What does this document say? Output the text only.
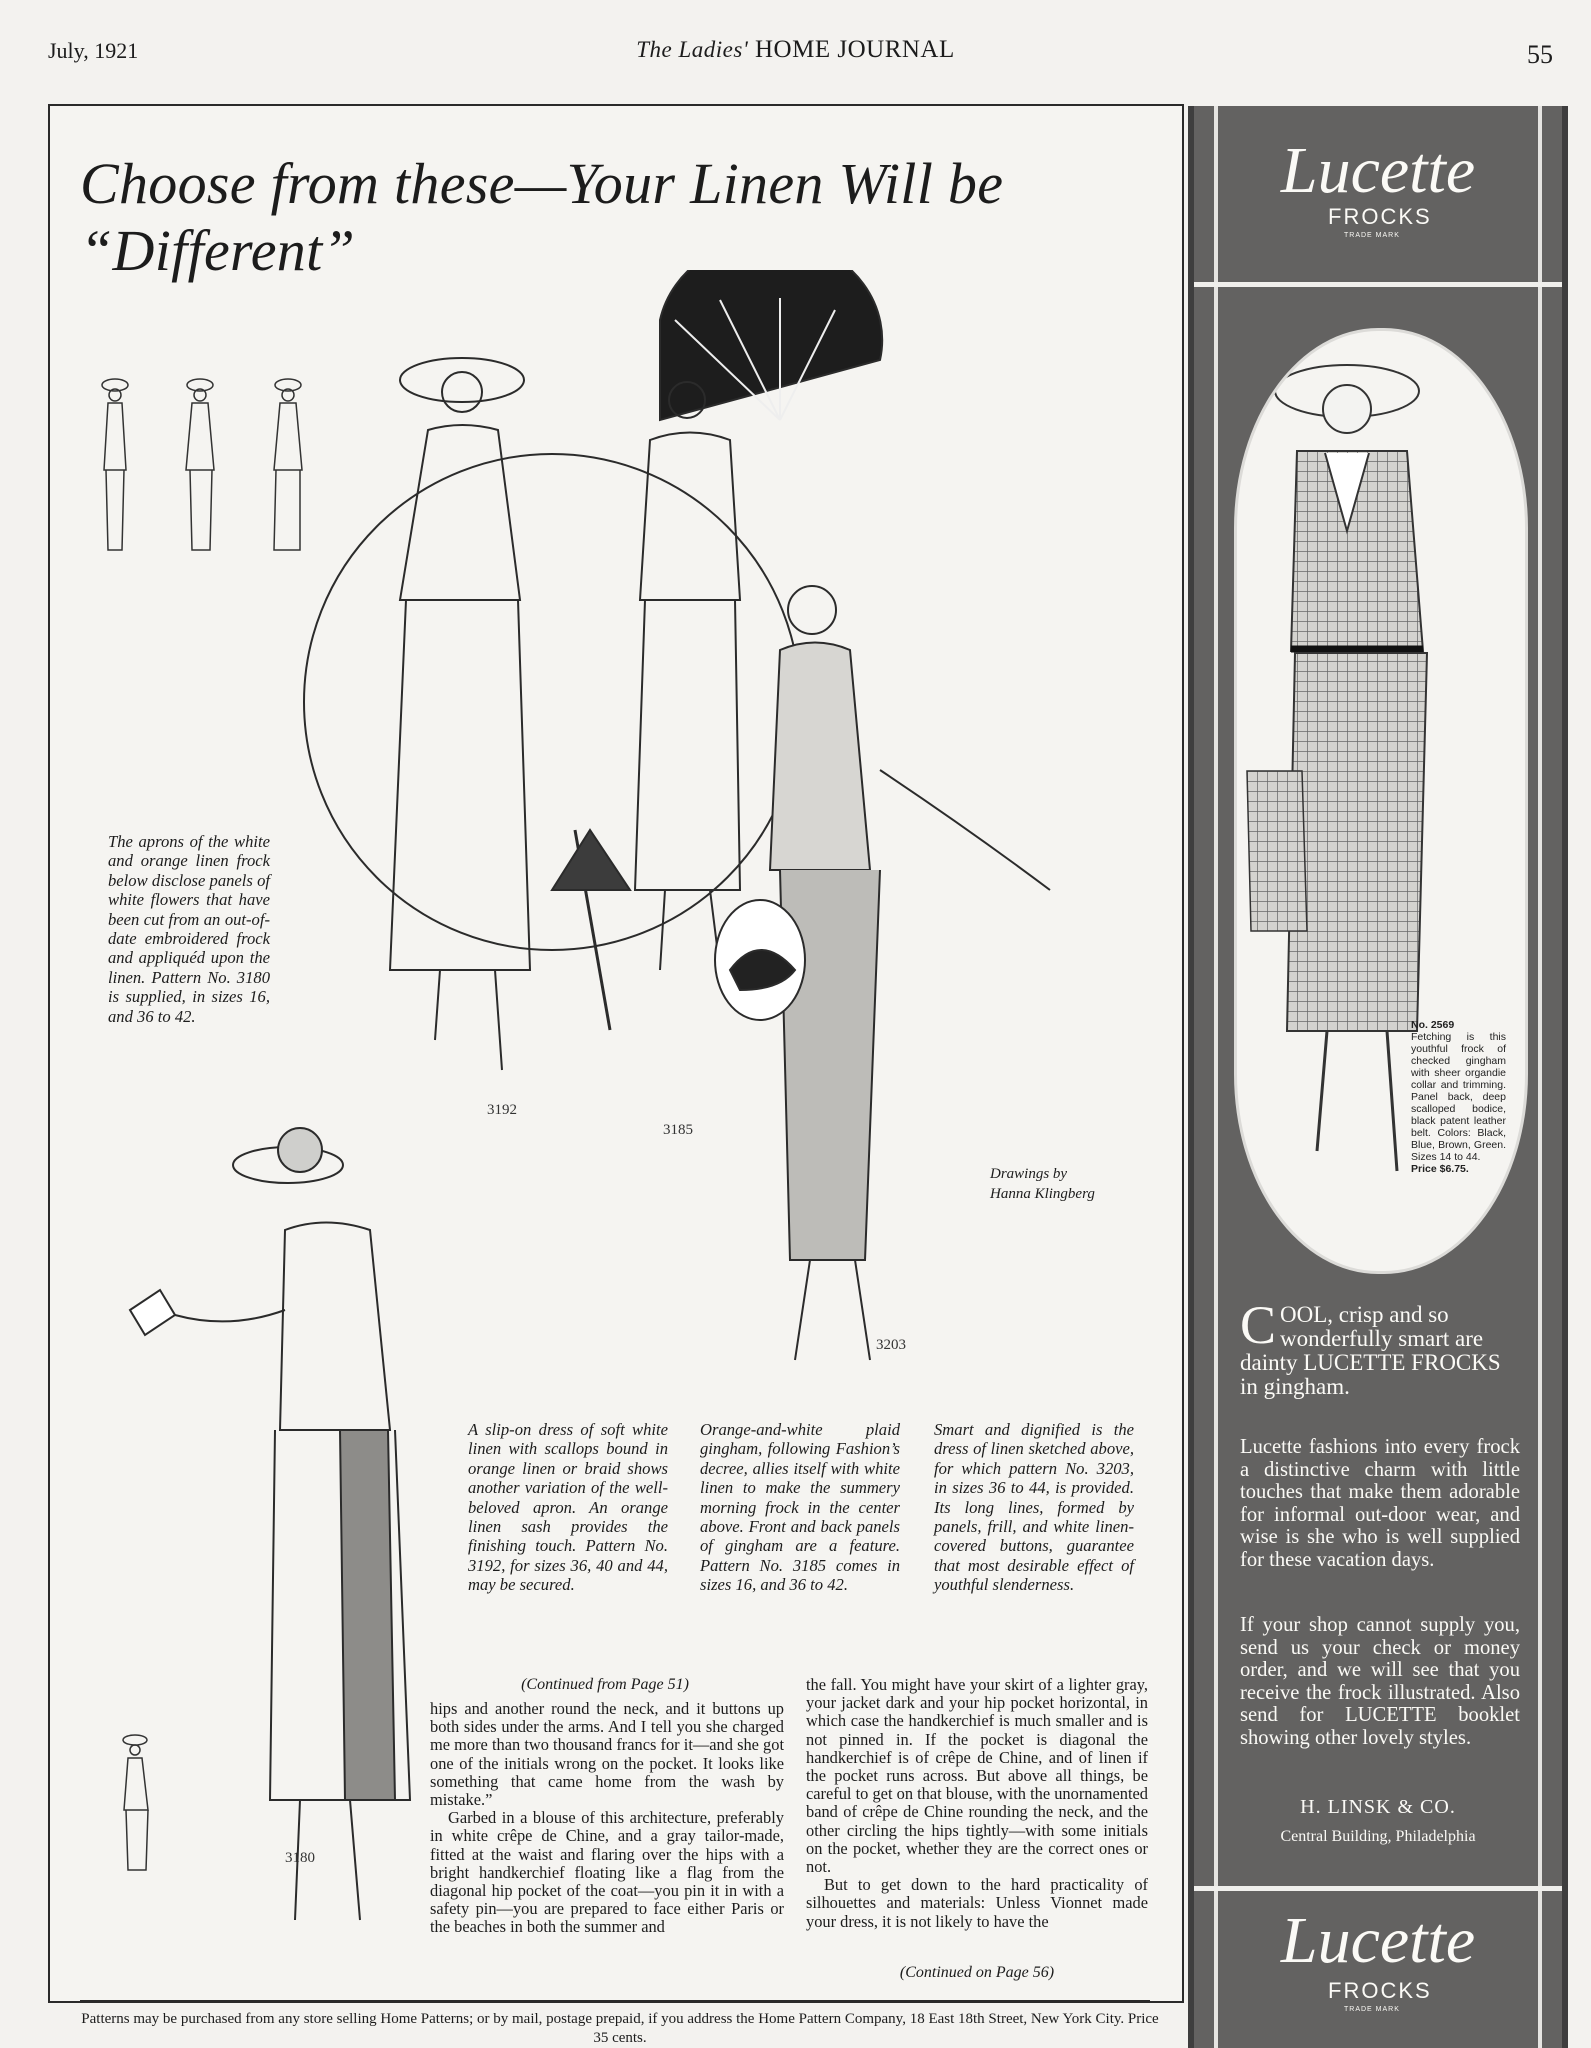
July, 1921	The Ladies' HOME JOURNAL	55
Choose from these—Your Linen Will be “Different”
3192
3185
3203
3180
The aprons of the white and orange linen frock below disclose panels of white flowers that have been cut from an out-of-date embroidered frock and appliquéd upon the linen. Pattern No. 3180 is supplied, in sizes 16, and 36 to 42.
Drawings by
Hanna Klingberg
A slip-on dress of soft white linen with scallops bound in orange linen or braid shows another variation of the well-beloved apron. An orange linen sash provides the finishing touch. Pattern No. 3192, for sizes 36, 40 and 44, may be secured.
Orange-and-white plaid gingham, following Fashion’s decree, allies itself with white linen to make the summery morning frock in the center above. Front and back panels of gingham are a feature. Pattern No. 3185 comes in sizes 16, and 36 to 42.
Smart and dignified is the dress of linen sketched above, for which pattern No. 3203, in sizes 36 to 44, is provided. Its long lines, formed by panels, frill, and white linen-covered buttons, guarantee that most desirable effect of youthful slenderness.
(Continued from Page 51)

hips and another round the neck, and it buttons up both sides under the arms. And I tell you she charged me more than two thousand francs for it—and she got one of the initials wrong on the pocket. It looks like something that came home from the wash by mistake.”

Garbed in a blouse of this architecture, preferably in white crêpe de Chine, and a gray tailor-made, fitted at the waist and flaring over the hips with a bright handkerchief floating like a flag from the diagonal hip pocket of the coat—you pin it in with a safety pin—you are prepared to face either Paris or the beaches in both the summer and

the fall. You might have your skirt of a lighter gray, your jacket dark and your hip pocket horizontal, in which case the handkerchief is much smaller and is not pinned in. If the pocket is diagonal the handkerchief is of crêpe de Chine, and of linen if the pocket runs across. But above all things, be careful to get on that blouse, with the unornamented band of crêpe de Chine rounding the neck, and the other circling the hips tightly—with some initials on the pocket, whether they are the correct ones or not.

But to get down to the hard practicality of silhouettes and materials: Unless Vionnet made your dress, it is not likely to have the

(Continued on Page 56)
Patterns may be purchased from any store selling Home Patterns; or by mail, postage prepaid, if you address the Home Pattern Company, 18 East 18th Street, New York City. Price 35 cents.
Lucette
FROCKS
TRADE MARK
No. 2569
Fetching is this youthful frock of checked gingham with sheer organdie collar and trimming. Panel back, deep scalloped bodice, black patent leather belt. Colors: Black, Blue, Brown, Green. Sizes 14 to 44.
Price $6.75.
C OOL, crisp and so wonderfully smart are dainty LUCETTE FROCKS in gingham.
Lucette fashions into every frock a distinctive charm with little touches that make them adorable for informal out-door wear, and wise is she who is well supplied for these vacation days.
If your shop cannot supply you, send us your check or money order, and we will see that you receive the frock illustrated. Also send for LUCETTE booklet showing other lovely styles.
H. LINSK & CO.
Central Building, Philadelphia
Lucette
FROCKS
TRADE MARK
